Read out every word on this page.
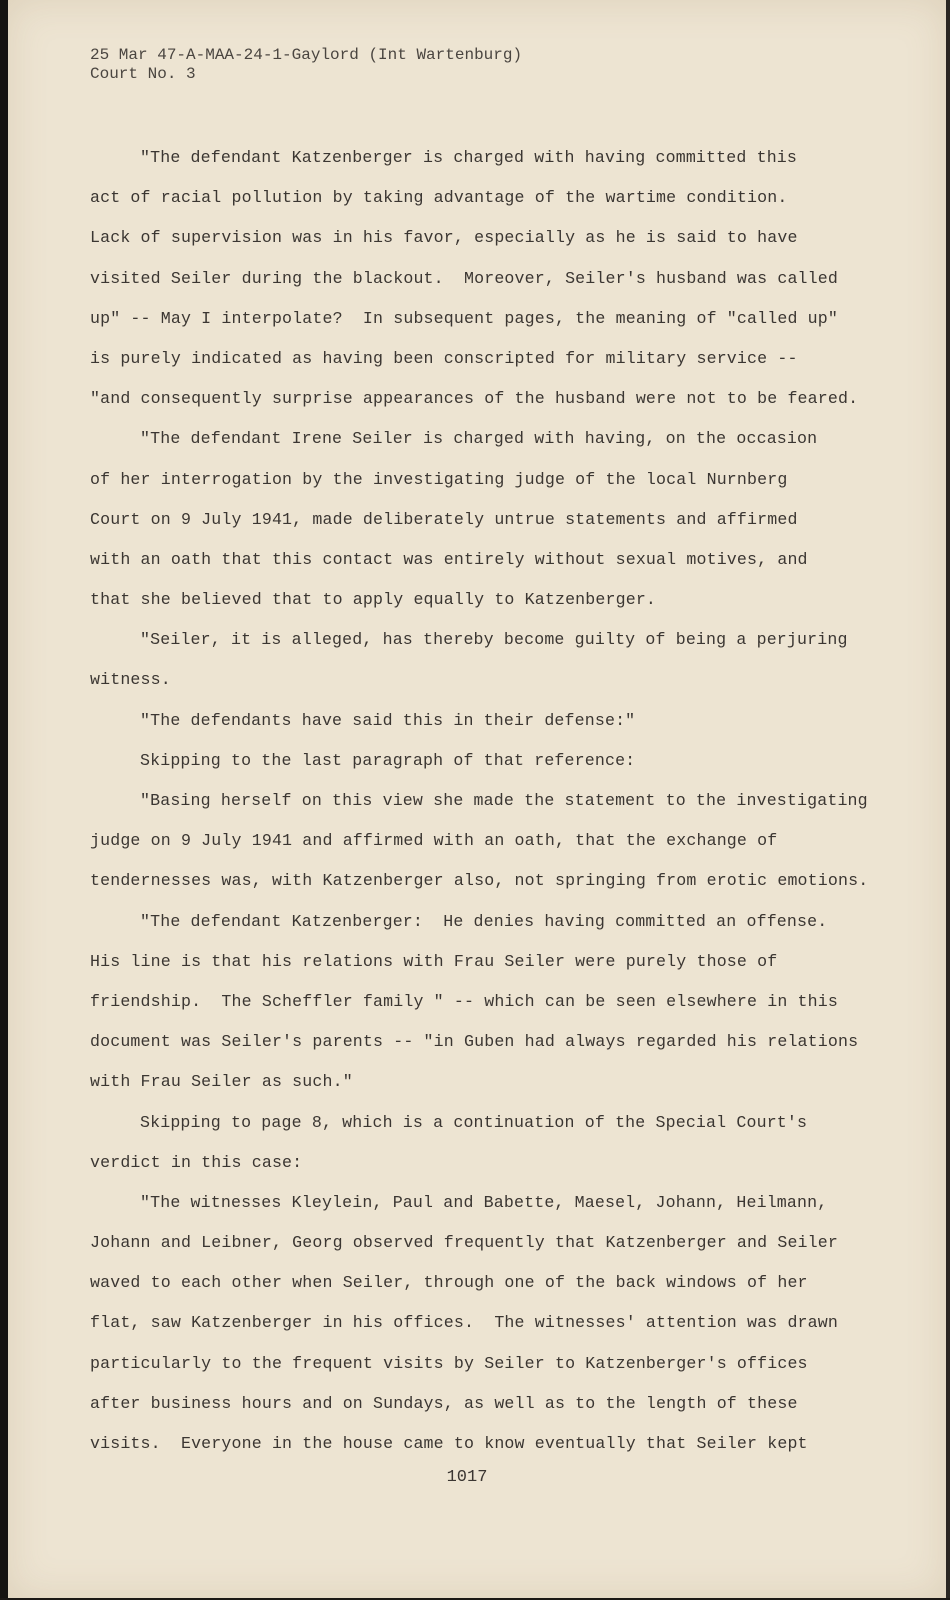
25 Mar 47-A-MAA-24-1-Gaylord (Int Wartenburg)
Court No. 3
"The defendant Katzenberger is charged with having committed this
act of racial pollution by taking advantage of the wartime condition.
Lack of supervision was in his favor, especially as he is said to have
visited Seiler during the blackout.  Moreover, Seiler's husband was called
up" -- May I interpolate?  In subsequent pages, the meaning of "called up"
is purely indicated as having been conscripted for military service --
"and consequently surprise appearances of the husband were not to be feared.
"The defendant Irene Seiler is charged with having, on the occasion
of her interrogation by the investigating judge of the local Nurnberg
Court on 9 July 1941, made deliberately untrue statements and affirmed
with an oath that this contact was entirely without sexual motives, and
that she believed that to apply equally to Katzenberger.
"Seiler, it is alleged, has thereby become guilty of being a perjuring
witness.
"The defendants have said this in their defense:"
Skipping to the last paragraph of that reference:
"Basing herself on this view she made the statement to the investigating
judge on 9 July 1941 and affirmed with an oath, that the exchange of
tendernesses was, with Katzenberger also, not springing from erotic emotions.
"The defendant Katzenberger:  He denies having committed an offense.
His line is that his relations with Frau Seiler were purely those of
friendship.  The Scheffler family " -- which can be seen elsewhere in this
document was Seiler's parents -- "in Guben had always regarded his relations
with Frau Seiler as such."
Skipping to page 8, which is a continuation of the Special Court's
verdict in this case:
"The witnesses Kleylein, Paul and Babette, Maesel, Johann, Heilmann,
Johann and Leibner, Georg observed frequently that Katzenberger and Seiler
waved to each other when Seiler, through one of the back windows of her
flat, saw Katzenberger in his offices.  The witnesses' attention was drawn
particularly to the frequent visits by Seiler to Katzenberger's offices
after business hours and on Sundays, as well as to the length of these
visits.  Everyone in the house came to know eventually that Seiler kept
1017
